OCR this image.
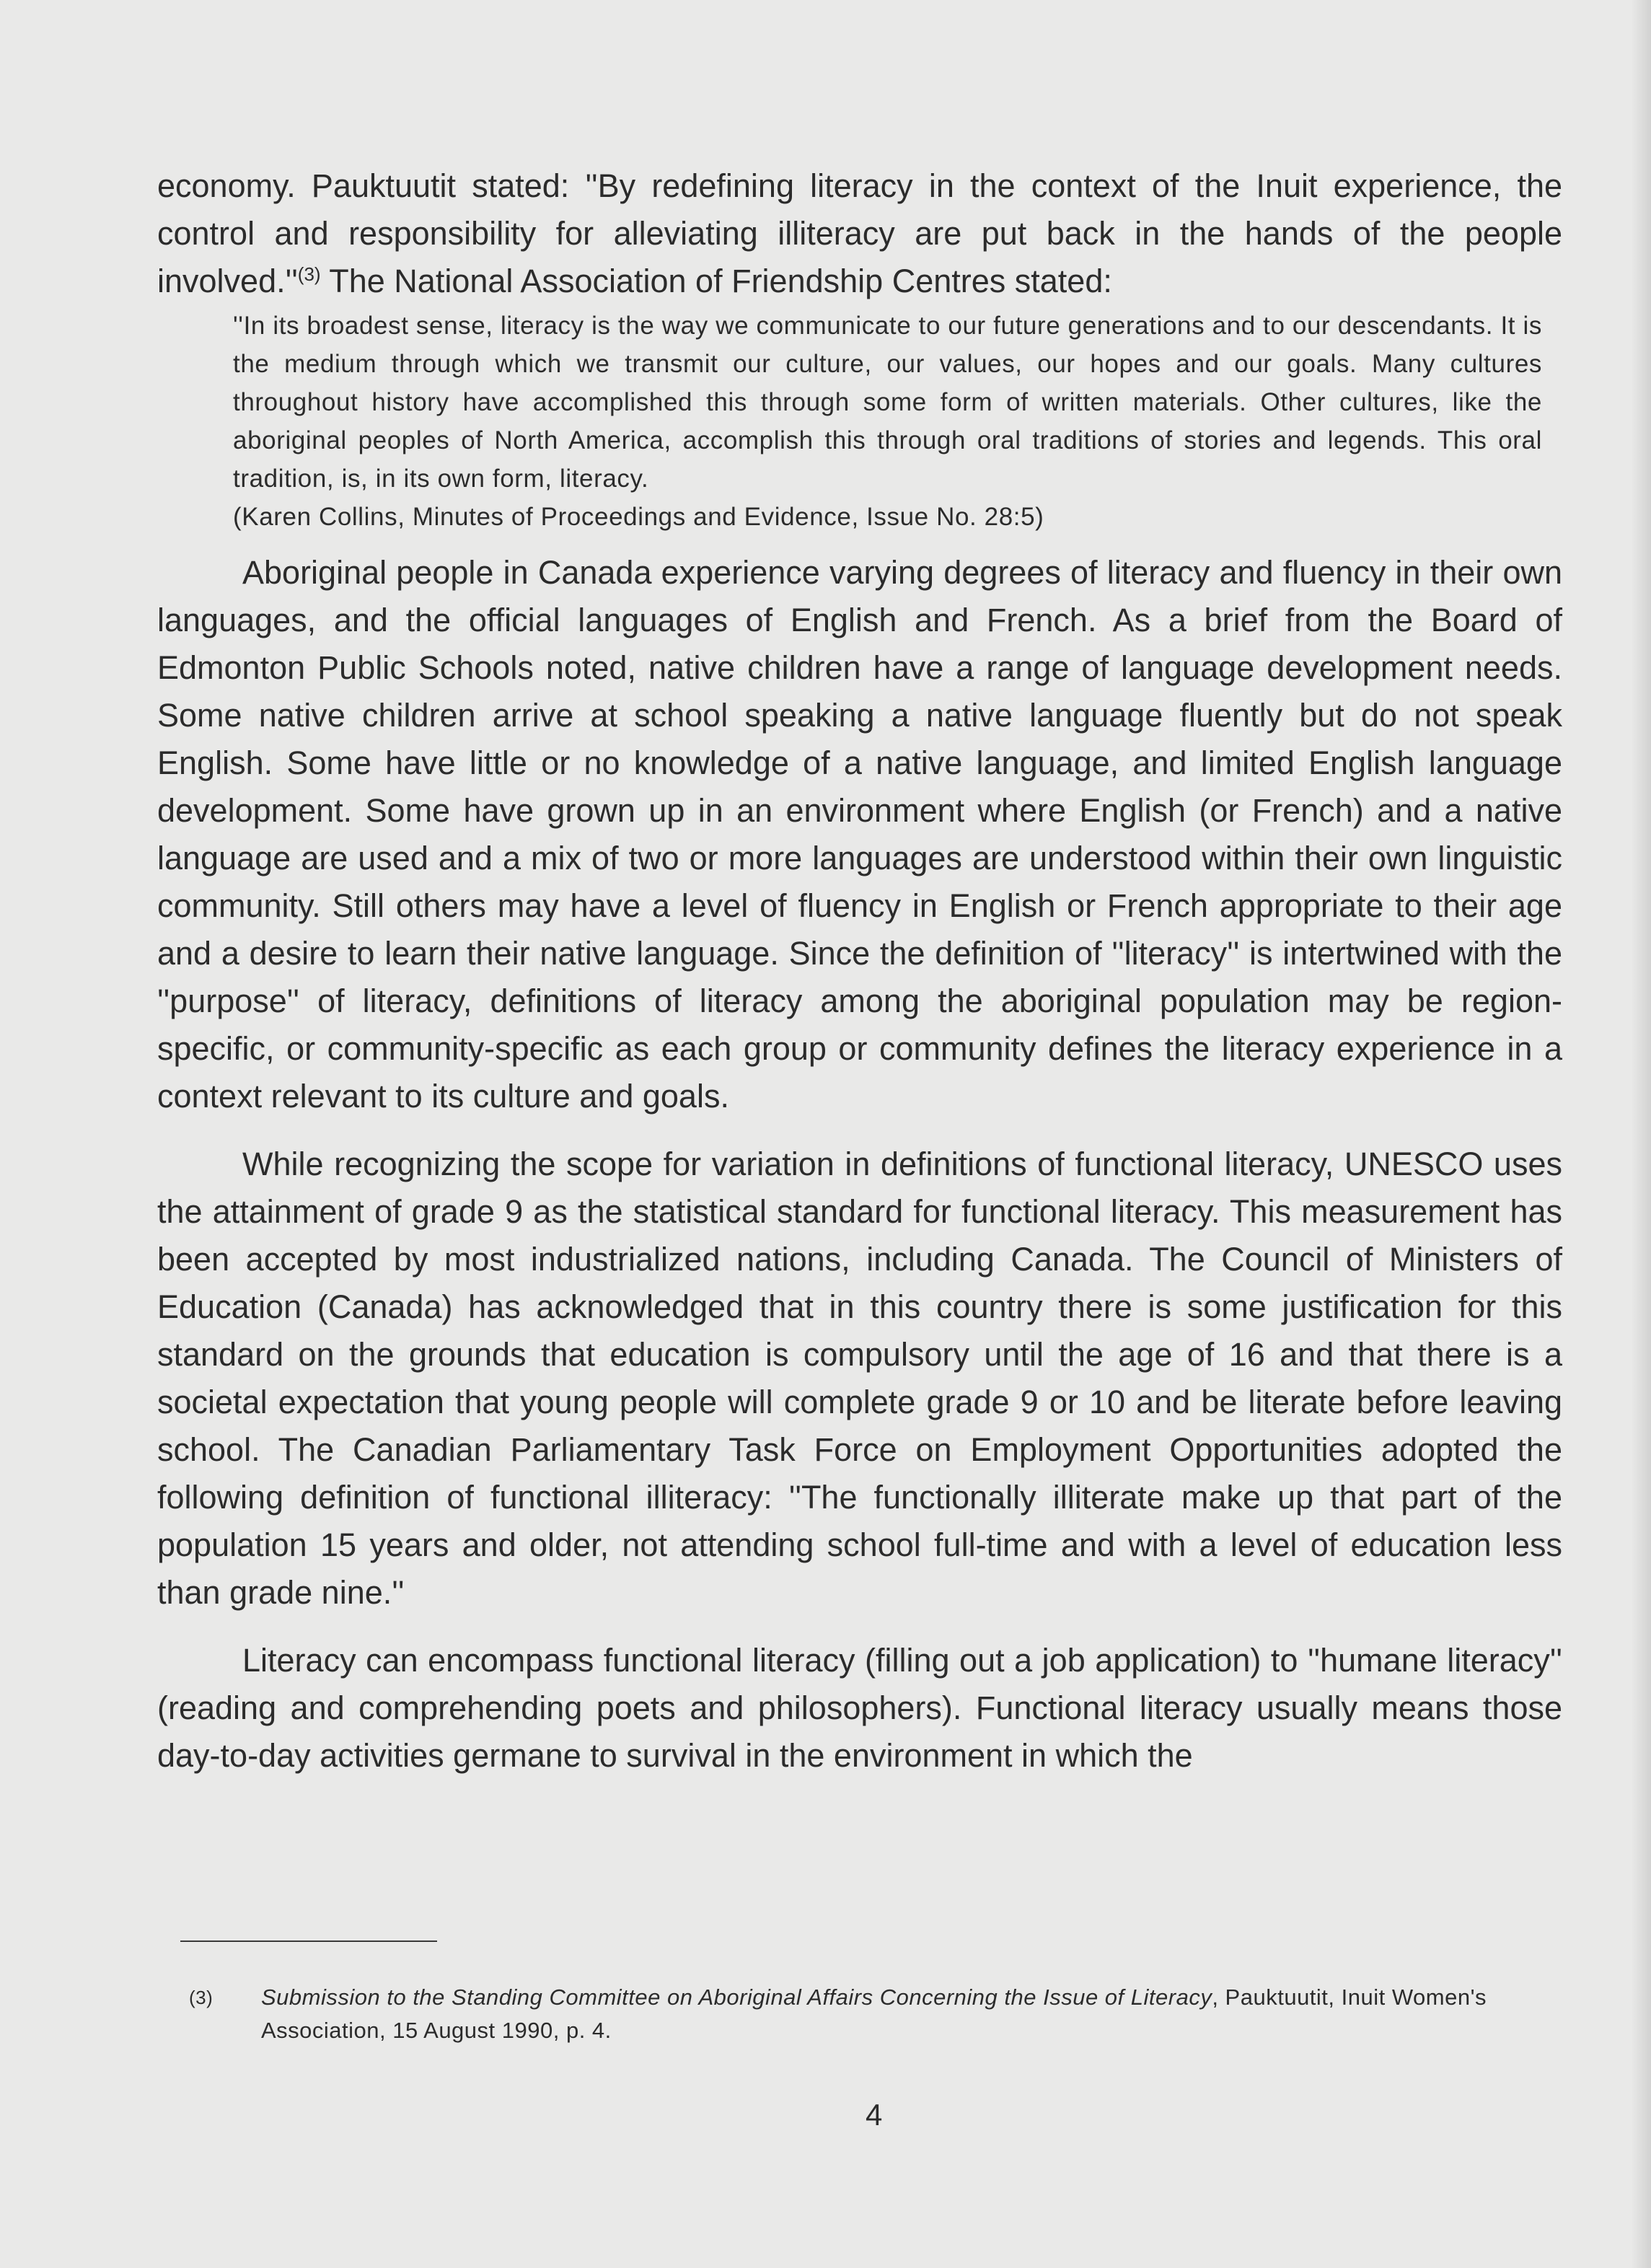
economy. Pauktuutit stated: ''By redefining literacy in the context of the Inuit experience, the control and responsibility for alleviating illiteracy are put back in the hands of the people $involved.''^{(3)}$ The National Association of Friendship Centres stated:

''In its broadest sense, literacy is the way we communicate to our future generations and to our descendants. It is the medium through which we transmit our culture, our values, our hopes and our goals. Many cultures throughout history have accomplished this through some form of written materials. Other cultures, like the aboriginal peoples of North America, accomplish this through oral traditions of stories and legends. This oral tradition, is, in its own form, literacy.
(Karen Collins, Minutes of Proceedings and Evidence, Issue No. 28:5)

Aboriginal people in Canada experience varying degrees of literacy and fluency in their own languages, and the official languages of English and French. As a brief from the Board of Edmonton Public Schools noted, native children have a range of language development needs. Some native children arrive at school speaking a native language fluently but do not speak English. Some have little or no knowledge of a native language, and limited English language development. Some have grown up in an environment where English (or French) and a native language are used and a mix of two or more languages are understood within their own linguistic community. Still others may have a level of fluency in English or French appropriate to their age and a desire to learn their native language. Since the definition of ''literacy'' is intertwined with the ''purpose'' of literacy, definitions of literacy among the aboriginal population may be region-specific, or community-specific as each group or community defines the literacy experience in a context relevant to its culture and goals.

While recognizing the scope for variation in definitions of functional literacy, UNESCO uses the attainment of grade 9 as the statistical standard for functional literacy. This measurement has been accepted by most industrialized nations, including Canada. The Council of Ministers of Education (Canada) has acknowledged that in this country there is some justification for this standard on the grounds that education is compulsory until the age of 16 and that there is a societal expectation that young people will complete grade 9 or 10 and be literate before leaving school. The Canadian Parliamentary Task Force on Employment Opportunities adopted the following definition of functional illiteracy: ''The functionally illiterate make up that part of the population 15 years and older, not attending school full-time and with a level of education less than grade nine.''

Literacy can encompass functional literacy (filling out a job application) to ''humane literacy'' (reading and comprehending poets and philosophers). Functional literacy usually means those day-to-day activities germane to survival in the environment in which the

(3) Submission to the Standing Committee on Aboriginal Affairs Concerning the Issue of Literacy, Pauktuutit, Inuit Women's Association, 15 August 1990, p. 4.
4
